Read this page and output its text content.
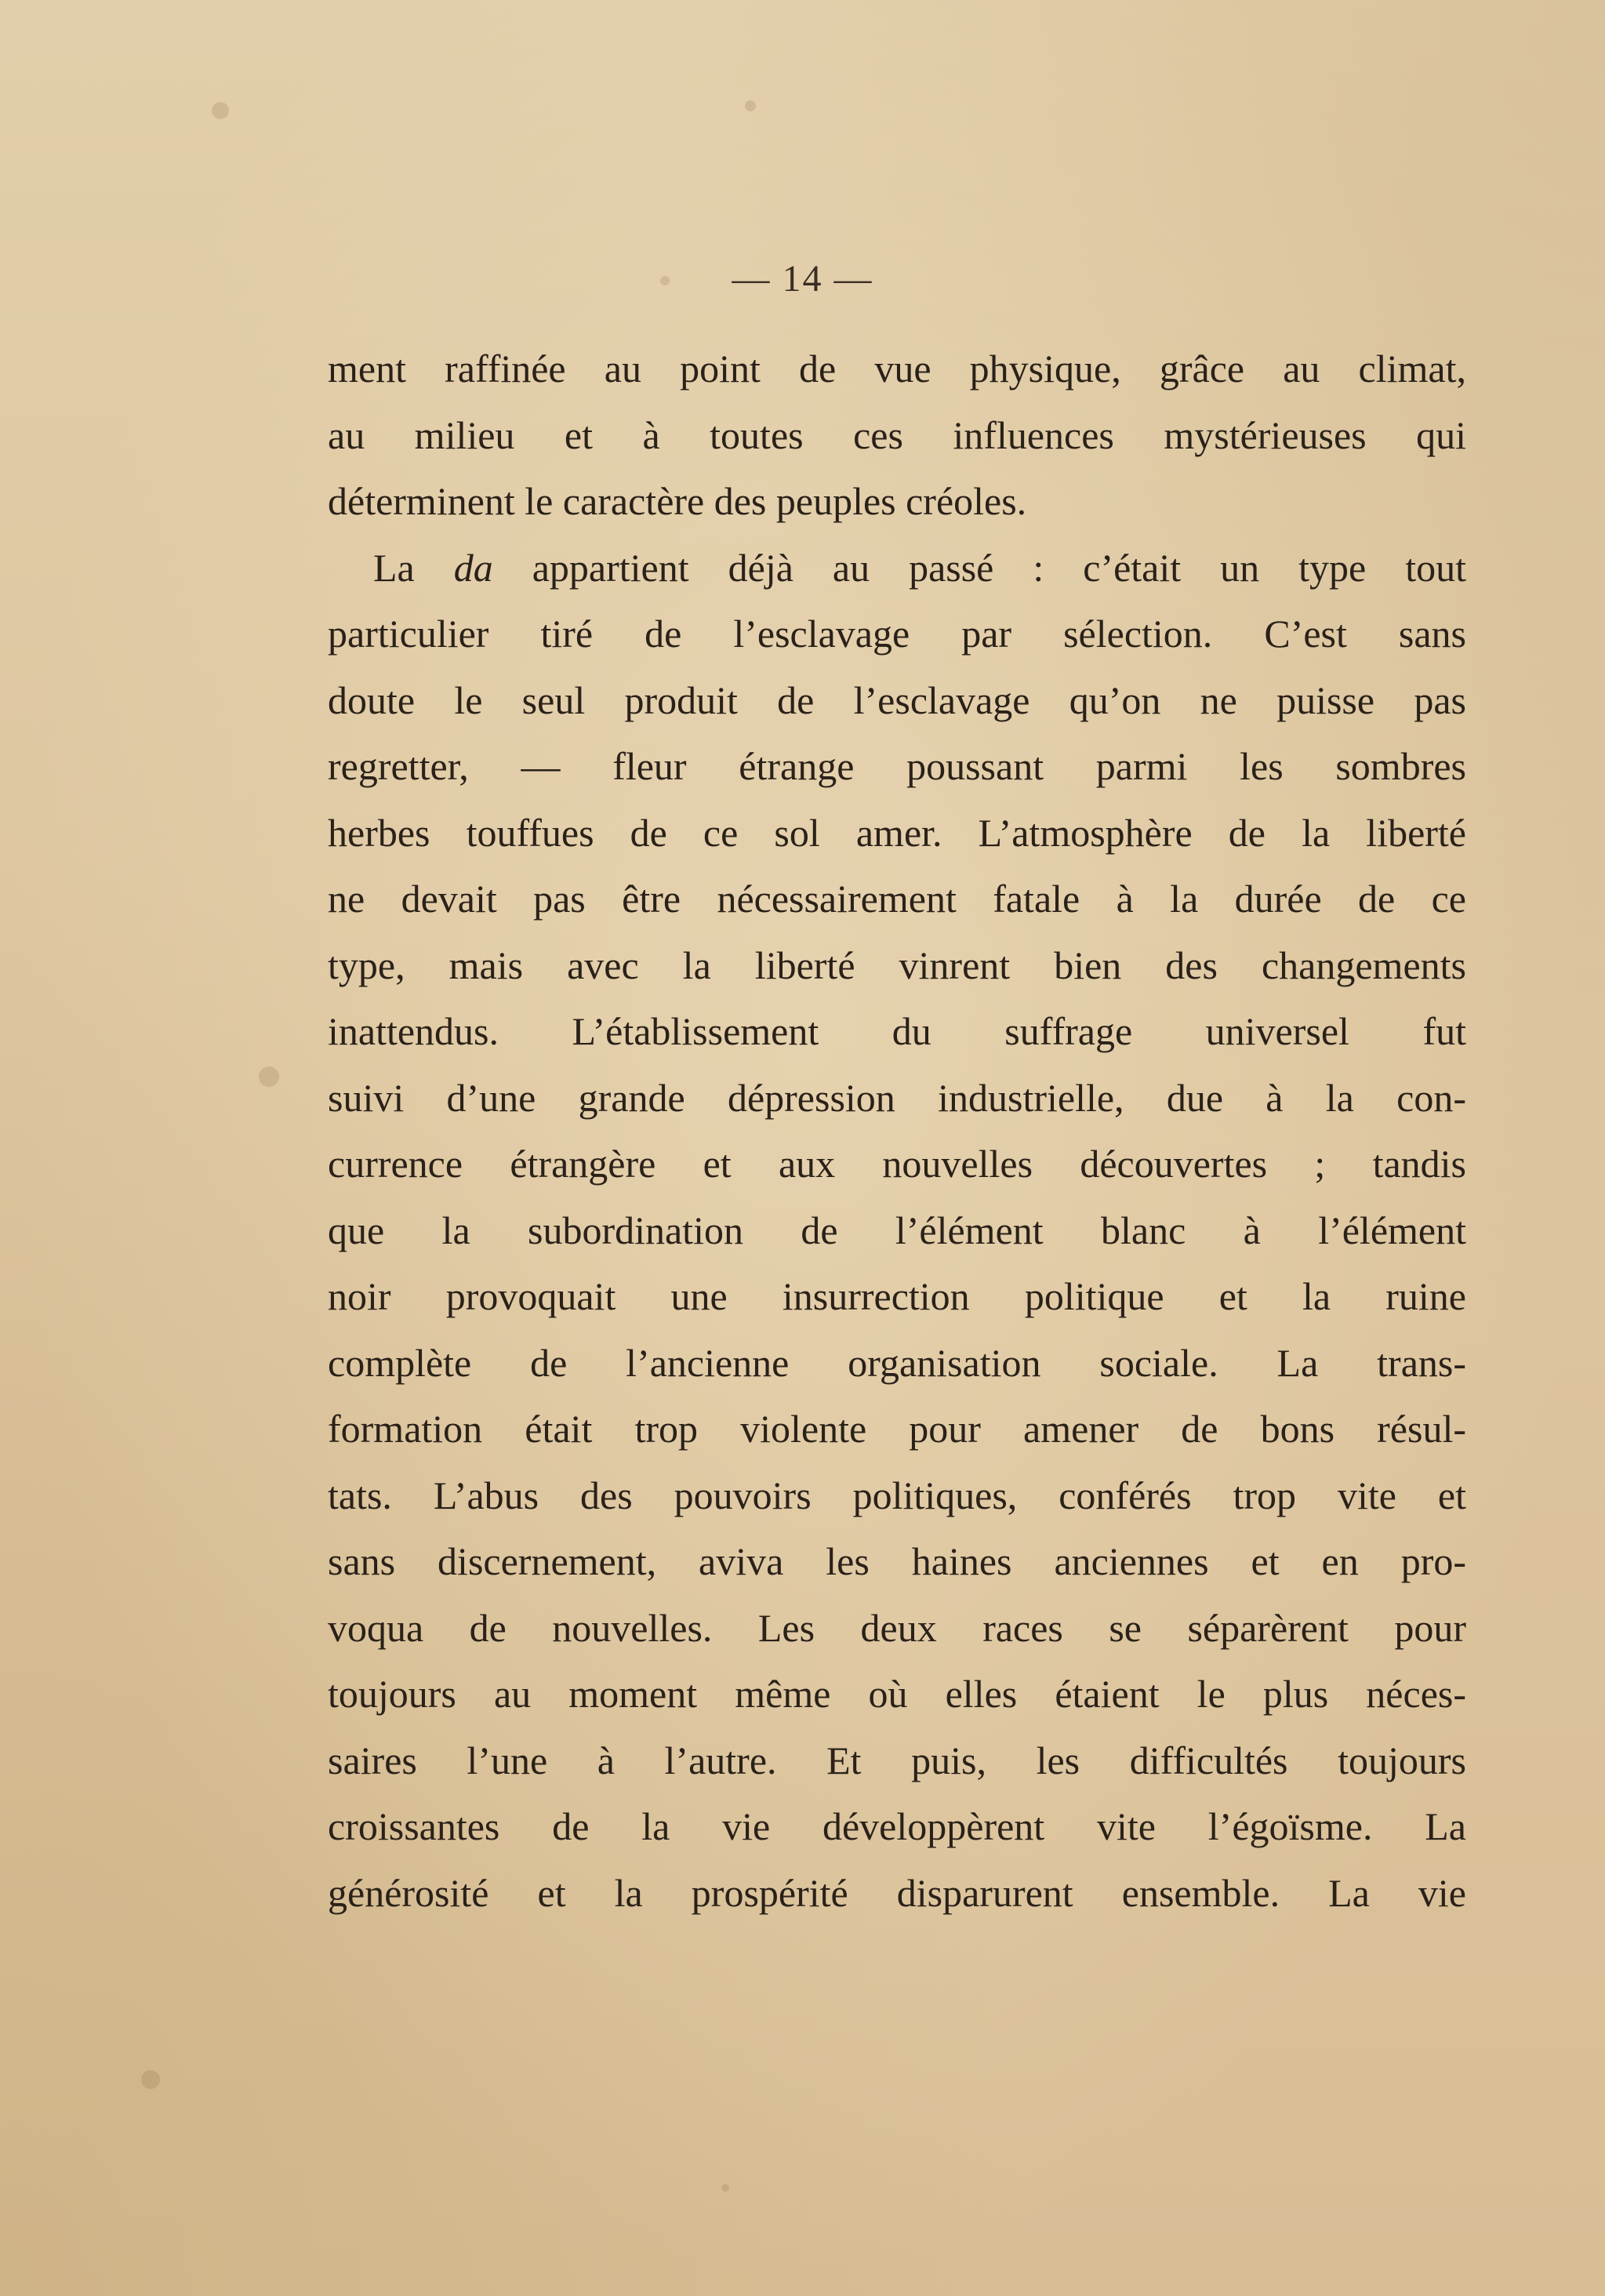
— 14 —
ment raffinée au point de vue physique, grâce au climat,
au milieu et à toutes ces influences mystérieuses qui
déterminent le caractère des peuples créoles.
La da appartient déjà au passé : c’était un type tout
particulier tiré de l’esclavage par sélection. C’est sans
doute le seul produit de l’esclavage qu’on ne puisse pas
regretter, — fleur étrange poussant parmi les sombres
herbes touffues de ce sol amer. L’atmosphère de la liberté
ne devait pas être nécessairement fatale à la durée de ce
type, mais avec la liberté vinrent bien des changements
inattendus. L’établissement du suffrage universel fut
suivi d’une grande dépression industrielle, due à la con-
currence étrangère et aux nouvelles découvertes ; tandis
que la subordination de l’élément blanc à l’élément
noir provoquait une insurrection politique et la ruine
complète de l’ancienne organisation sociale. La trans-
formation était trop violente pour amener de bons résul-
tats. L’abus des pouvoirs politiques, conférés trop vite et
sans discernement, aviva les haines anciennes et en pro-
voqua de nouvelles. Les deux races se séparèrent pour
toujours au moment même où elles étaient le plus néces-
saires l’une à l’autre. Et puis, les difficultés toujours
croissantes de la vie développèrent vite l’égoïsme. La
générosité et la prospérité disparurent ensemble. La vie
